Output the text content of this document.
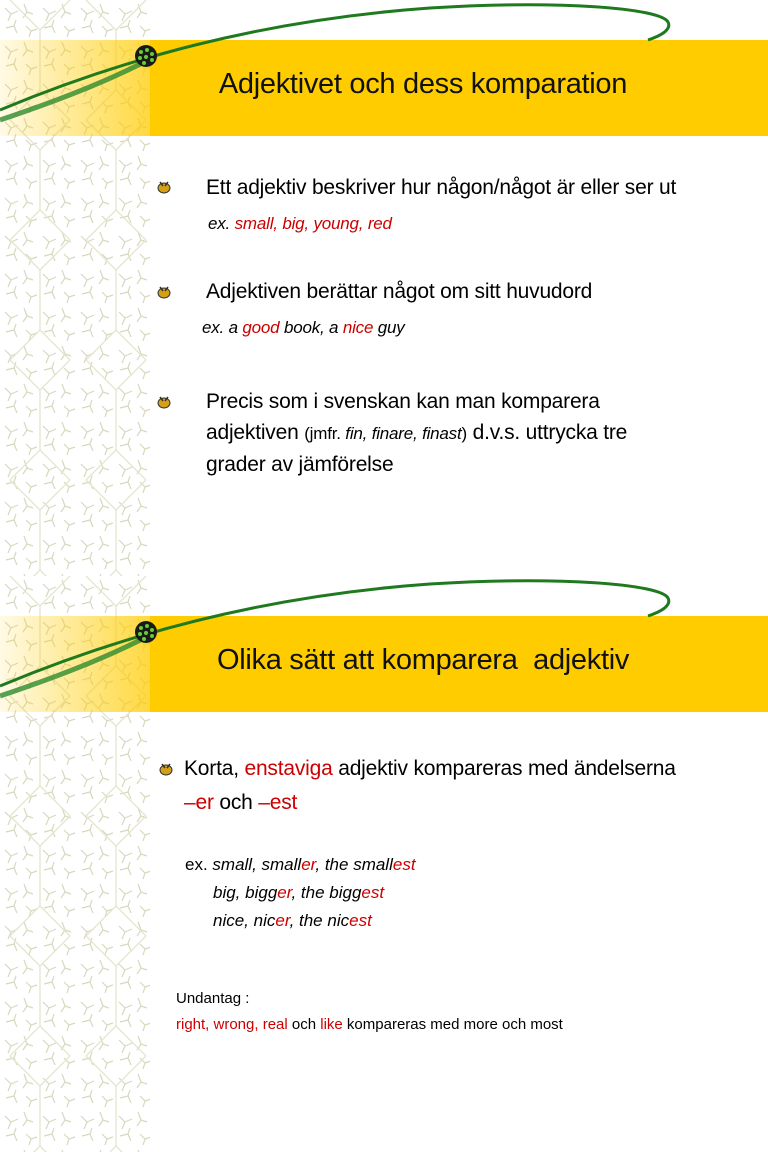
Adjektivet och dess komparation
Ett adjektiv beskriver hur någon/något är eller ser ut
ex. small, big, young, red
Adjektiven berättar något om sitt huvudord
ex. a good book, a nice guy
Precis som i svenskan kan man komparera
adjektiven (jmfr. fin, finare, finast) d.v.s. uttrycka tre
grader av jämförelse
Olika sätt att komparera  adjektiv
Korta, enstaviga adjektiv kompareras med ändelserna
–er och –est
ex. small, smaller, the smallest
big, bigger, the biggest
nice, nicer, the nicest
Undantag :
right, wrong, real och like kompareras med more och most
